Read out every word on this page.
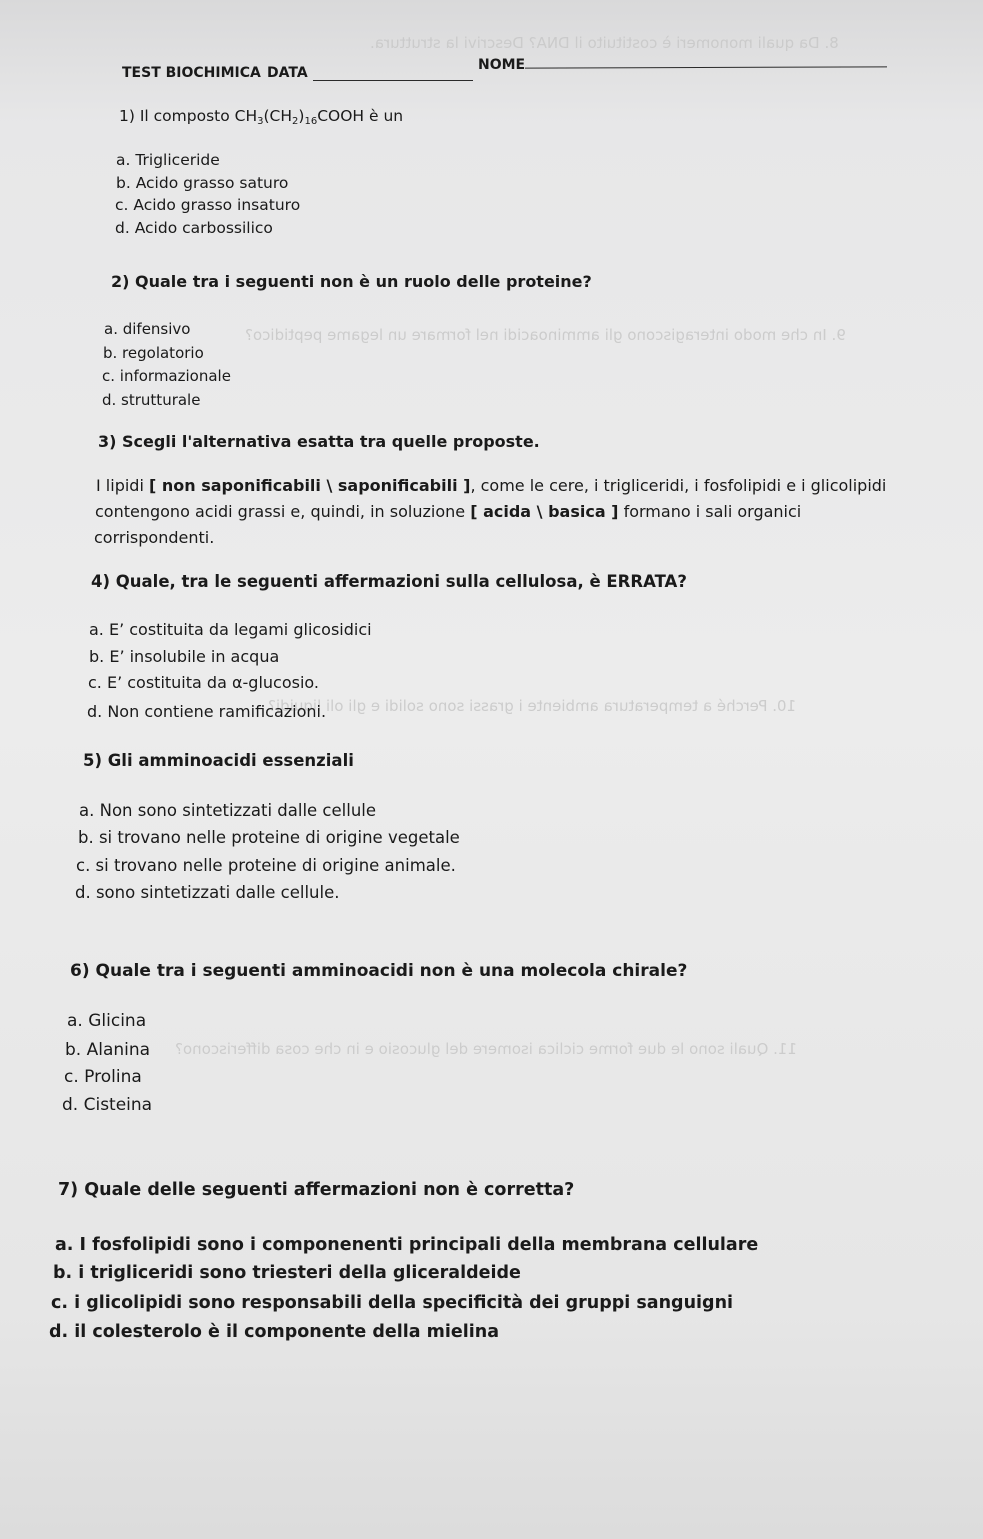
8. Da quali monomeri è costituito il DNA? Descrivi la struttura.
9. In che modo interagiscono gli amminoacidi nel formare un legame peptidico?
10. Perché a temperatura ambiente i grassi sono solidi e gli oli liquidi?
11. Quali sono le due forme ciclica isomere del glucosio e in che cosa differiscono?
TEST BIOCHIMICA DATA	NOME
1) Il composto $CH_3(CH_2)_{16}COOH$ è un
a. Trigliceride
b. Acido grasso saturo
c. Acido grasso insaturo
d. Acido carbossilico
2) Quale tra i seguenti non è un ruolo delle proteine?
a. difensivo
b. regolatorio
c. informazionale
d. strutturale
3) Scegli l'alternativa esatta tra quelle proposte.
I lipidi [ non saponificabili \ saponificabili ], come le cere, i trigliceridi, i fosfolipidi e i glicolipidi
contengono acidi grassi e, quindi, in soluzione [ acida \ basica ] formano i sali organici
corrispondenti.
4) Quale, tra le seguenti affermazioni sulla cellulosa, è ERRATA?
a. E’ costituita da legami glicosidici
b. E’ insolubile in acqua
c. E’ costituita da α-glucosio.
d. Non contiene ramificazioni.
5) Gli amminoacidi essenziali
a. Non sono sintetizzati dalle cellule
b. si trovano nelle proteine di origine vegetale
c. si trovano nelle proteine di origine animale.
d. sono sintetizzati dalle cellule.
6) Quale tra i seguenti amminoacidi non è una molecola chirale?
a. Glicina
b. Alanina
c. Prolina
d. Cisteina
7) Quale delle seguenti affermazioni non è corretta?
a. I fosfolipidi sono i componenenti principali della membrana cellulare
b. i trigliceridi sono triesteri della gliceraldeide
c. i glicolipidi sono responsabili della specificità dei gruppi sanguigni
d. il colesterolo è il componente della mielina
